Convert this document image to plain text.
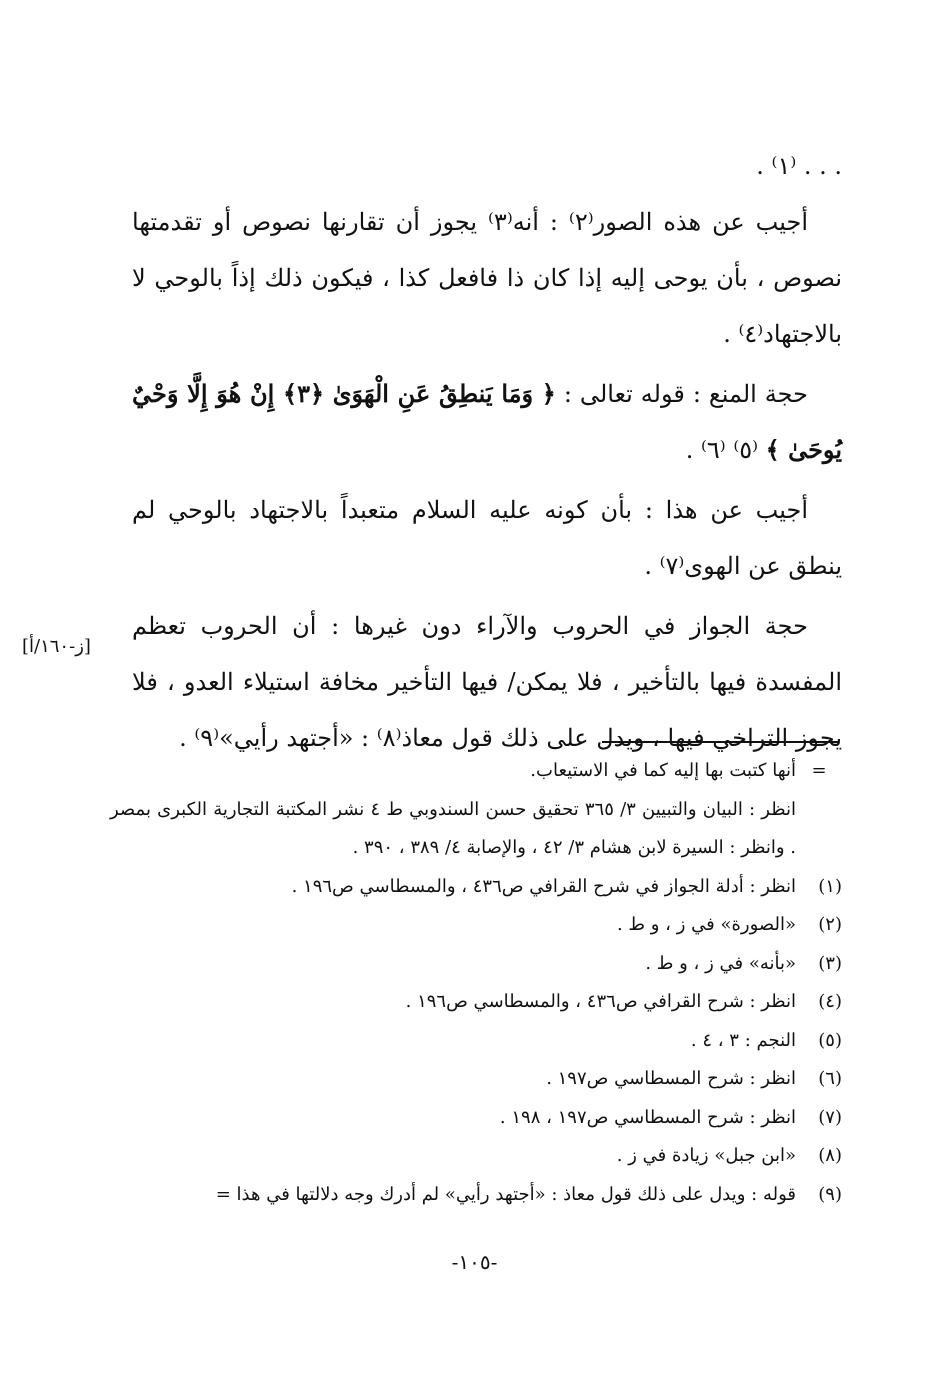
. . . ⁽١⁾ .

أجيب عن هذه الصور⁽٢⁾ : أنه⁽٣⁾ يجوز أن تقارنها نصوص أو تقدمتها نصوص ، بأن يوحى إليه إذا كان ذا فافعل كذا ، فيكون ذلك إذاً بالوحي لا بالاجتهاد⁽٤⁾ .

حجة المنع : قوله تعالى : ﴿ وَمَا يَنطِقُ عَنِ الْهَوَىٰ ﴿٣﴾ إِنْ هُوَ إِلَّا وَحْيٌ يُوحَىٰ ﴾ ⁽٥⁾ ⁽٦⁾ .

أجيب عن هذا : بأن كونه عليه السلام متعبداً بالاجتهاد بالوحي لم ينطق عن الهوى⁽٧⁾ .

حجة الجواز في الحروب والآراء دون غيرها : أن الحروب تعظم المفسدة فيها بالتأخير ، فلا يمكن/ فيها التأخير مخافة استيلاء العدو ، فلا يجوز التراخي فيها ، ويدل على ذلك قول معاذ⁽٨⁾ : «أجتهد رأيي»⁽٩⁾ .

[ز-١٦٠/أ]
=
أنها كتبت بها إليه كما في الاستيعاب.
انظر : البيان والتبيين ٣/ ٣٦٥ تحقيق حسن السندوبي ط ٤ نشر المكتبة التجارية الكبرى بمصر . وانظر : السيرة لابن هشام ٣/ ٤٢ ، والإصابة ٤/ ٣٨٩ ، ٣٩٠ .
(١)
انظر : أدلة الجواز في شرح القرافي ص٤٣٦ ، والمسطاسي ص١٩٦ .
(٢)
«الصورة» في ز ، و ط .
(٣)
«بأنه» في ز ، و ط .
(٤)
انظر : شرح القرافي ص٤٣٦ ، والمسطاسي ص١٩٦ .
(٥)
النجم : ٣ ، ٤ .
(٦)
انظر : شرح المسطاسي ص١٩٧ .
(٧)
انظر : شرح المسطاسي ص١٩٧ ، ١٩٨ .
(٨)
«ابن جبل» زيادة في ز .
(٩)
قوله : ويدل على ذلك قول معاذ : «أجتهد رأيي» لم أدرك وجه دلالتها في هذا =
-١٠٥-
